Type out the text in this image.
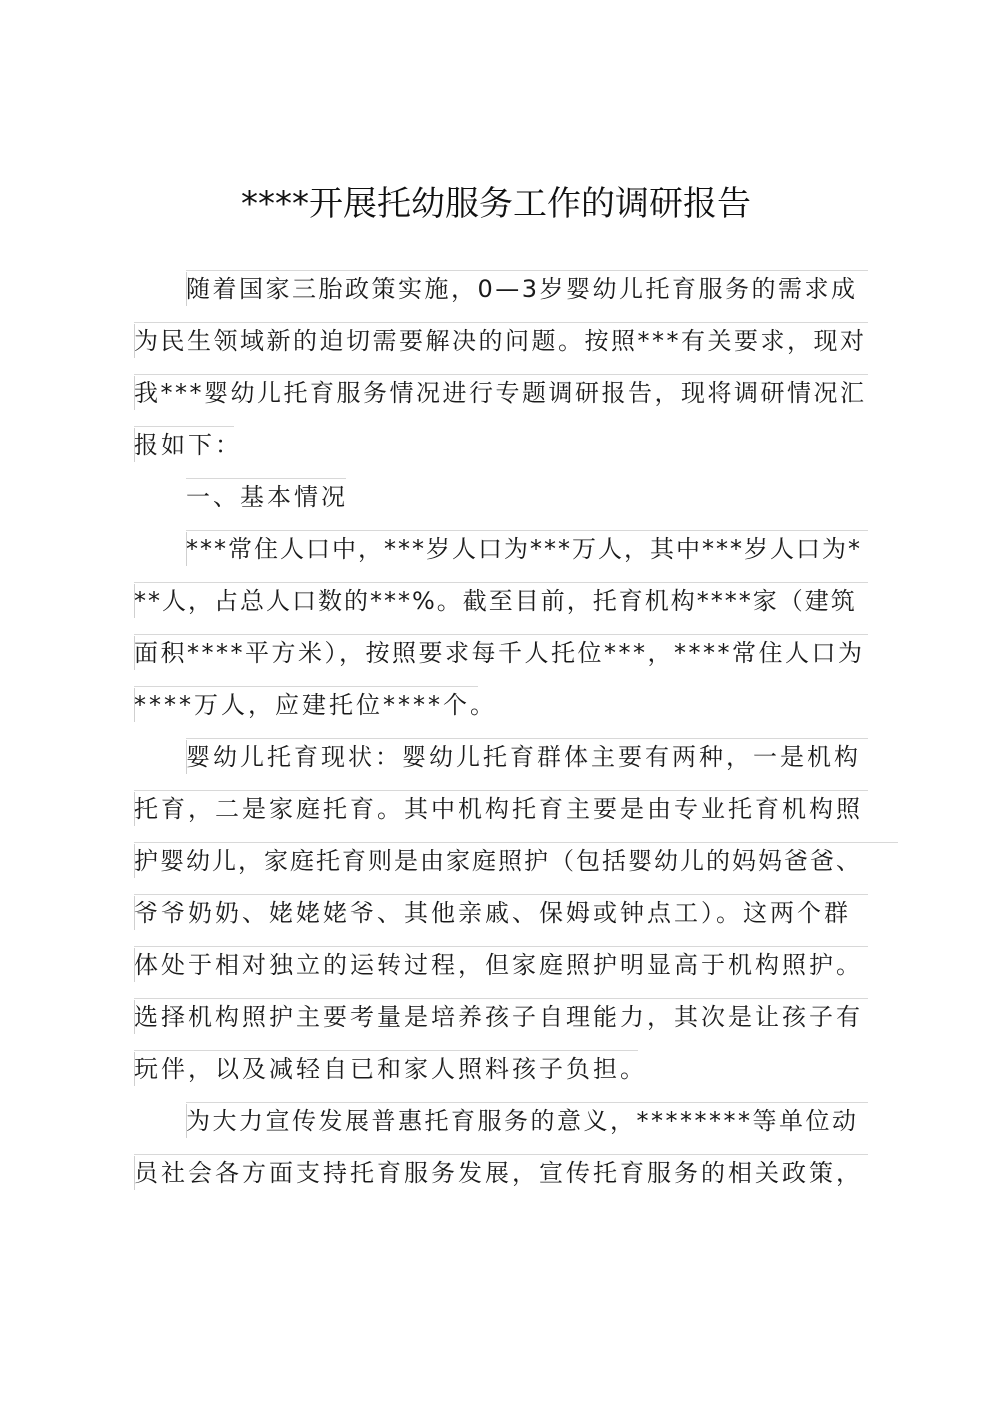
****开展托幼服务工作的调研报告
随着国家三胎政策实施，0—3岁婴幼儿托育服务的需求成
为民生领域新的迫切需要解决的问题。按照***有关要求，现对
我***婴幼儿托育服务情况进行专题调研报告，现将调研情况汇
报如下：
一、基本情况
***常住人口中，***岁人口为***万人，其中***岁人口为*
**人，占总人口数的***%。截至目前，托育机构****家（建筑
面积****平方米），按照要求每千人托位***，****常住人口为
****万人，应建托位****个。
婴幼儿托育现状：婴幼儿托育群体主要有两种，一是机构
托育，二是家庭托育。其中机构托育主要是由专业托育机构照
护婴幼儿，家庭托育则是由家庭照护（包括婴幼儿的妈妈爸爸、
爷爷奶奶、姥姥姥爷、其他亲戚、保姆或钟点工）。这两个群
体处于相对独立的运转过程，但家庭照护明显高于机构照护。
选择机构照护主要考量是培养孩子自理能力，其次是让孩子有
玩伴，以及减轻自已和家人照料孩子负担。
为大力宣传发展普惠托育服务的意义，********等单位动
员社会各方面支持托育服务发展，宣传托育服务的相关政策，
